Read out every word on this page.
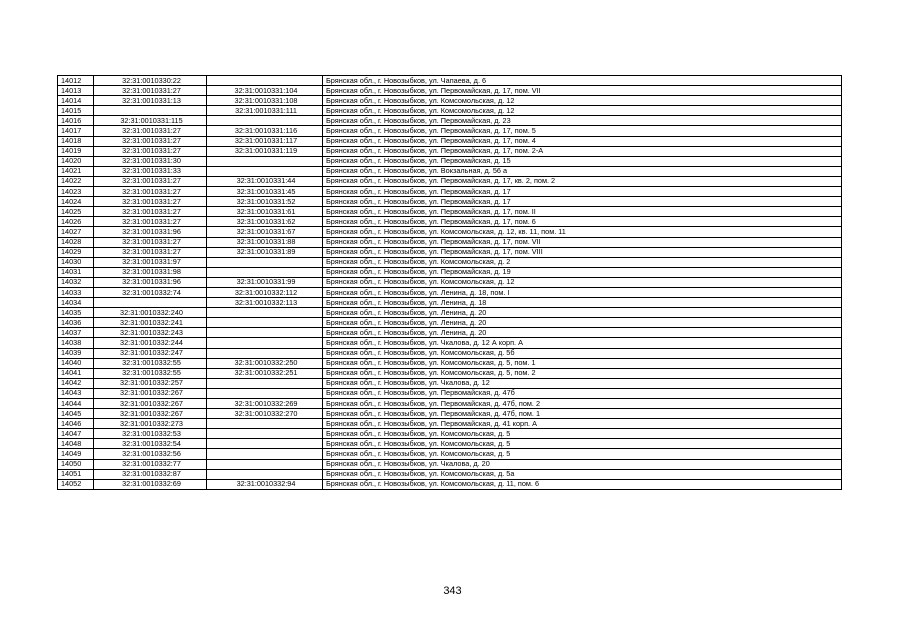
14012	32:31:0010330:22		Брянская обл., г. Новозыбков, ул. Чапаева, д. 6
14013	32:31:0010331:27	32:31:0010331:104	Брянская обл., г. Новозыбков, ул. Первомайская, д. 17, пом. VII
14014	32:31:0010331:13	32:31:0010331:108	Брянская обл., г. Новозыбков, ул. Комсомольская, д. 12
14015		32:31:0010331:111	Брянская обл., г. Новозыбков, ул. Комсомольская, д. 12
14016	32:31:0010331:115		Брянская обл., г. Новозыбков, ул. Первомайская, д. 23
14017	32:31:0010331:27	32:31:0010331:116	Брянская обл., г. Новозыбков, ул. Первомайская, д. 17, пом. 5
14018	32:31:0010331:27	32:31:0010331:117	Брянская обл., г. Новозыбков, ул. Первомайская, д. 17, пом. 4
14019	32:31:0010331:27	32:31:0010331:119	Брянская обл., г. Новозыбков, ул. Первомайская, д. 17, пом. 2-А
14020	32:31:0010331:30		Брянская обл., г. Новозыбков, ул. Первомайская, д. 15
14021	32:31:0010331:33		Брянская обл., г. Новозыбков, ул. Вокзальная, д. 56 а
14022	32:31:0010331:27	32:31:0010331:44	Брянская обл., г. Новозыбков, ул. Первомайская, д. 17, кв. 2, пом. 2
14023	32:31:0010331:27	32:31:0010331:45	Брянская обл., г. Новозыбков, ул. Первомайская, д. 17
14024	32:31:0010331:27	32:31:0010331:52	Брянская обл., г. Новозыбков, ул. Первомайская, д. 17
14025	32:31:0010331:27	32:31:0010331:61	Брянская обл., г. Новозыбков, ул. Первомайская, д. 17, пом. II
14026	32:31:0010331:27	32:31:0010331:62	Брянская обл., г. Новозыбков, ул. Первомайская, д. 17, пом. 6
14027	32:31:0010331:96	32:31:0010331:67	Брянская обл., г. Новозыбков, ул. Комсомольская, д. 12, кв. 11, пом. 11
14028	32:31:0010331:27	32:31:0010331:88	Брянская обл., г. Новозыбков, ул. Первомайская, д. 17, пом. VII
14029	32:31:0010331:27	32:31:0010331:89	Брянская обл., г. Новозыбков, ул. Первомайская, д. 17, пом. VIII
14030	32:31:0010331:97		Брянская обл., г. Новозыбков, ул. Комсомольская, д. 2
14031	32:31:0010331:98		Брянская обл., г. Новозыбков, ул. Первомайская, д. 19
14032	32:31:0010331:96	32:31:0010331:99	Брянская обл., г. Новозыбков, ул. Комсомольская, д. 12
14033	32:31:0010332:74	32:31:0010332:112	Брянская обл., г. Новозыбков, ул. Ленина, д. 18, пом. I
14034		32:31:0010332:113	Брянская обл., г. Новозыбков, ул. Ленина, д. 18
14035	32:31:0010332:240		Брянская обл., г. Новозыбков, ул. Ленина, д. 20
14036	32:31:0010332:241		Брянская обл., г. Новозыбков, ул. Ленина, д. 20
14037	32:31:0010332:243		Брянская обл., г. Новозыбков, ул. Ленина, д. 20
14038	32:31:0010332:244		Брянская обл., г. Новозыбков, ул. Чкалова, д. 12 А корп. А
14039	32:31:0010332:247		Брянская обл., г. Новозыбков, ул. Комсомольская, д. 5б
14040	32:31:0010332:55	32:31:0010332:250	Брянская обл., г. Новозыбков, ул. Комсомольская, д. 5, пом. 1
14041	32:31:0010332:55	32:31:0010332:251	Брянская обл., г. Новозыбков, ул. Комсомольская, д. 5, пом. 2
14042	32:31:0010332:257		Брянская обл., г. Новозыбков, ул. Чкалова, д. 12
14043	32:31:0010332:267		Брянская обл., г. Новозыбков, ул. Первомайская, д. 47б
14044	32:31:0010332:267	32:31:0010332:269	Брянская обл., г. Новозыбков, ул. Первомайская, д. 47б, пом. 2
14045	32:31:0010332:267	32:31:0010332:270	Брянская обл., г. Новозыбков, ул. Первомайская, д. 47б, пом. 1
14046	32:31:0010332:273		Брянская обл., г. Новозыбков, ул. Первомайская, д. 41 корп. А
14047	32:31:0010332:53		Брянская обл., г. Новозыбков, ул. Комсомольская, д. 5
14048	32:31:0010332:54		Брянская обл., г. Новозыбков, ул. Комсомольская, д. 5
14049	32:31:0010332:56		Брянская обл., г. Новозыбков, ул. Комсомольская, д. 5
14050	32:31:0010332:77		Брянская обл., г. Новозыбков, ул. Чкалова, д. 20
14051	32:31:0010332:87		Брянская обл., г. Новозыбков, ул. Комсомольская, д. 5а
14052	32:31:0010332:69	32:31:0010332:94	Брянская обл., г. Новозыбков, ул. Комсомольская, д. 11, пом. 6
343
